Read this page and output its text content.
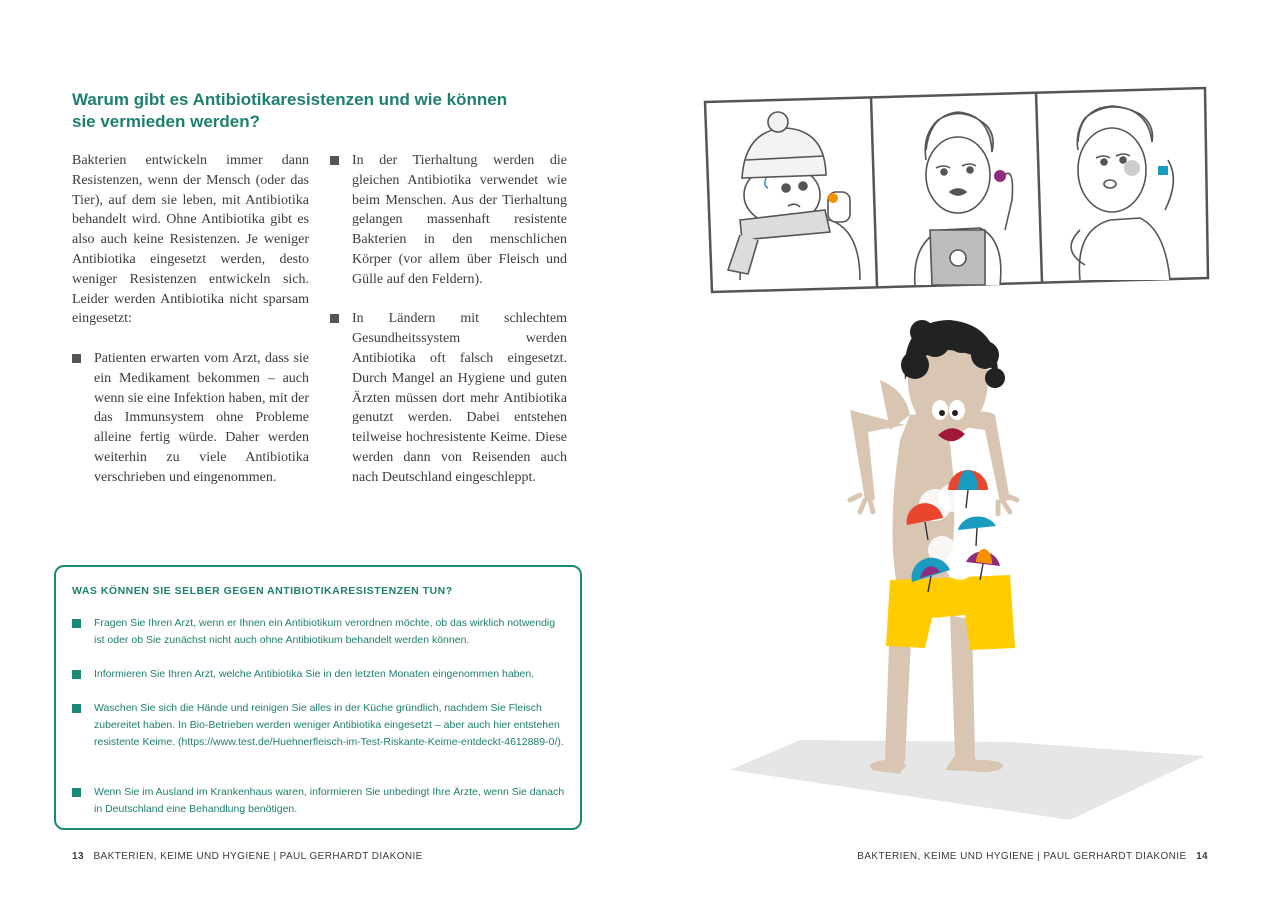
Warum gibt es Antibiotikaresistenzen und wie können sie vermieden werden?

Bakterien entwickeln immer dann Resistenzen, wenn der Mensch (oder das Tier), auf dem sie leben, mit Antibiotika behandelt wird. Ohne Antibiotika gibt es also auch keine Resistenzen. Je weniger Antibiotika eingesetzt werden, desto weniger Resistenzen entwickeln sich. Leider werden Antibiotika nicht sparsam eingesetzt:

Patienten erwarten vom Arzt, dass sie ein Medikament bekommen – auch wenn sie eine Infektion haben, mit der das Immunsystem ohne Probleme alleine fertig würde. Daher werden weiterhin zu viele Antibiotika verschrieben und eingenommen.
In der Tierhaltung werden die gleichen Antibiotika verwendet wie beim Menschen. Aus der Tierhaltung gelangen massenhaft resistente Bakterien in den menschlichen Körper (vor allem über Fleisch und Gülle auf den Feldern).
In Ländern mit schlechtem Gesundheitssystem werden Antibiotika oft falsch eingesetzt. Durch Mangel an Hygiene und guten Ärzten müssen dort mehr Antibiotika genutzt werden. Dabei entstehen teilweise hochresistente Keime. Diese werden dann von Reisenden auch nach Deutschland eingeschleppt.
WAS KÖNNEN SIE SELBER GEGEN ANTIBIOTIKARESISTENZEN TUN?
Fragen Sie Ihren Arzt, wenn er Ihnen ein Antibiotikum verordnen möchte, ob das wirklich notwendig ist oder ob Sie zunächst nicht auch ohne Antibiotikum behandelt werden können.
Informieren Sie Ihren Arzt, welche Antibiotika Sie in den letzten Monaten eingenommen haben.
Waschen Sie sich die Hände und reinigen Sie alles in der Küche gründlich, nachdem Sie Fleisch zubereitet haben. In Bio-Betrieben werden weniger Antibiotika eingesetzt – aber auch hier entstehen resistente Keime. (https://www.test.de/Huehnerfleisch-im-Test-Riskante-Keime-entdeckt-4612889-0/).
Wenn Sie im Ausland im Krankenhaus waren, informieren Sie unbedingt Ihre Ärzte, wenn Sie danach in Deutschland eine Behandlung benötigen.
13 BAKTERIEN, KEIME UND HYGIENE | PAUL GERHARDT DIAKONIE	BAKTERIEN, KEIME UND HYGIENE | PAUL GERHARDT DIAKONIE 14
